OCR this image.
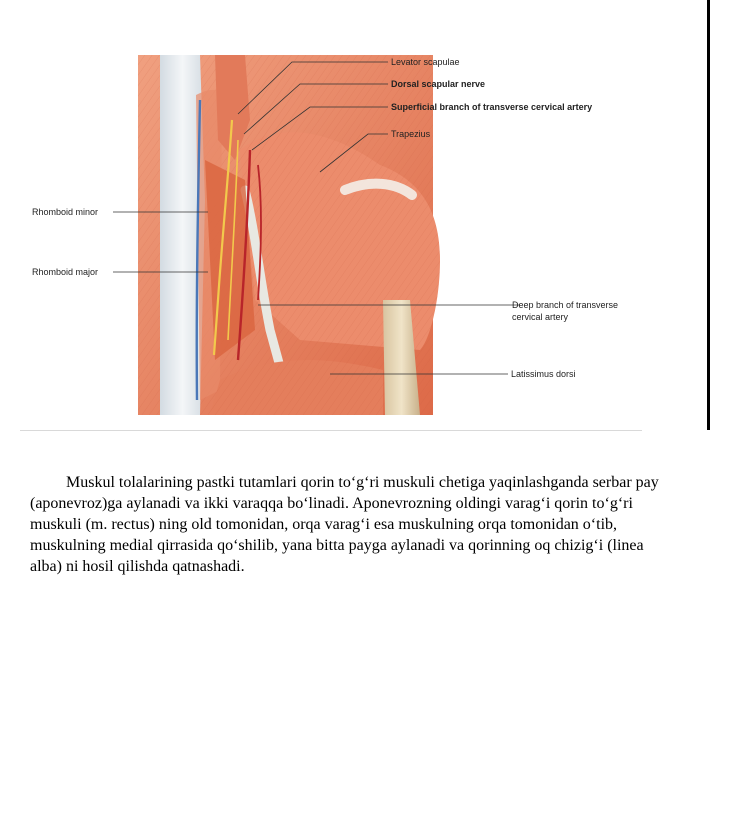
Levator scapulae
Dorsal scapular nerve
Superficial branch of transverse cervical artery
Trapezius
Rhomboid minor
Rhomboid major
Deep branch of transverse
cervical artery
Latissimus dorsi

Muskul tolalarining pastki tutamlari qorin to‘g‘ri muskuli chetiga yaqinlashganda serbar pay (aponevroz)ga aylanadi va ikki varaqqa bo‘linadi. Aponevrozning oldingi varag‘i qorin to‘g‘ri muskuli (m. rectus) ning old tomonidan, orqa varag‘i esa muskulning orqa tomonidan o‘tib, muskulning medial qirrasida qo‘shilib, yana bitta payga aylanadi va qorinning oq chizig‘i (linea alba) ni hosil qilishda qatnashadi.
